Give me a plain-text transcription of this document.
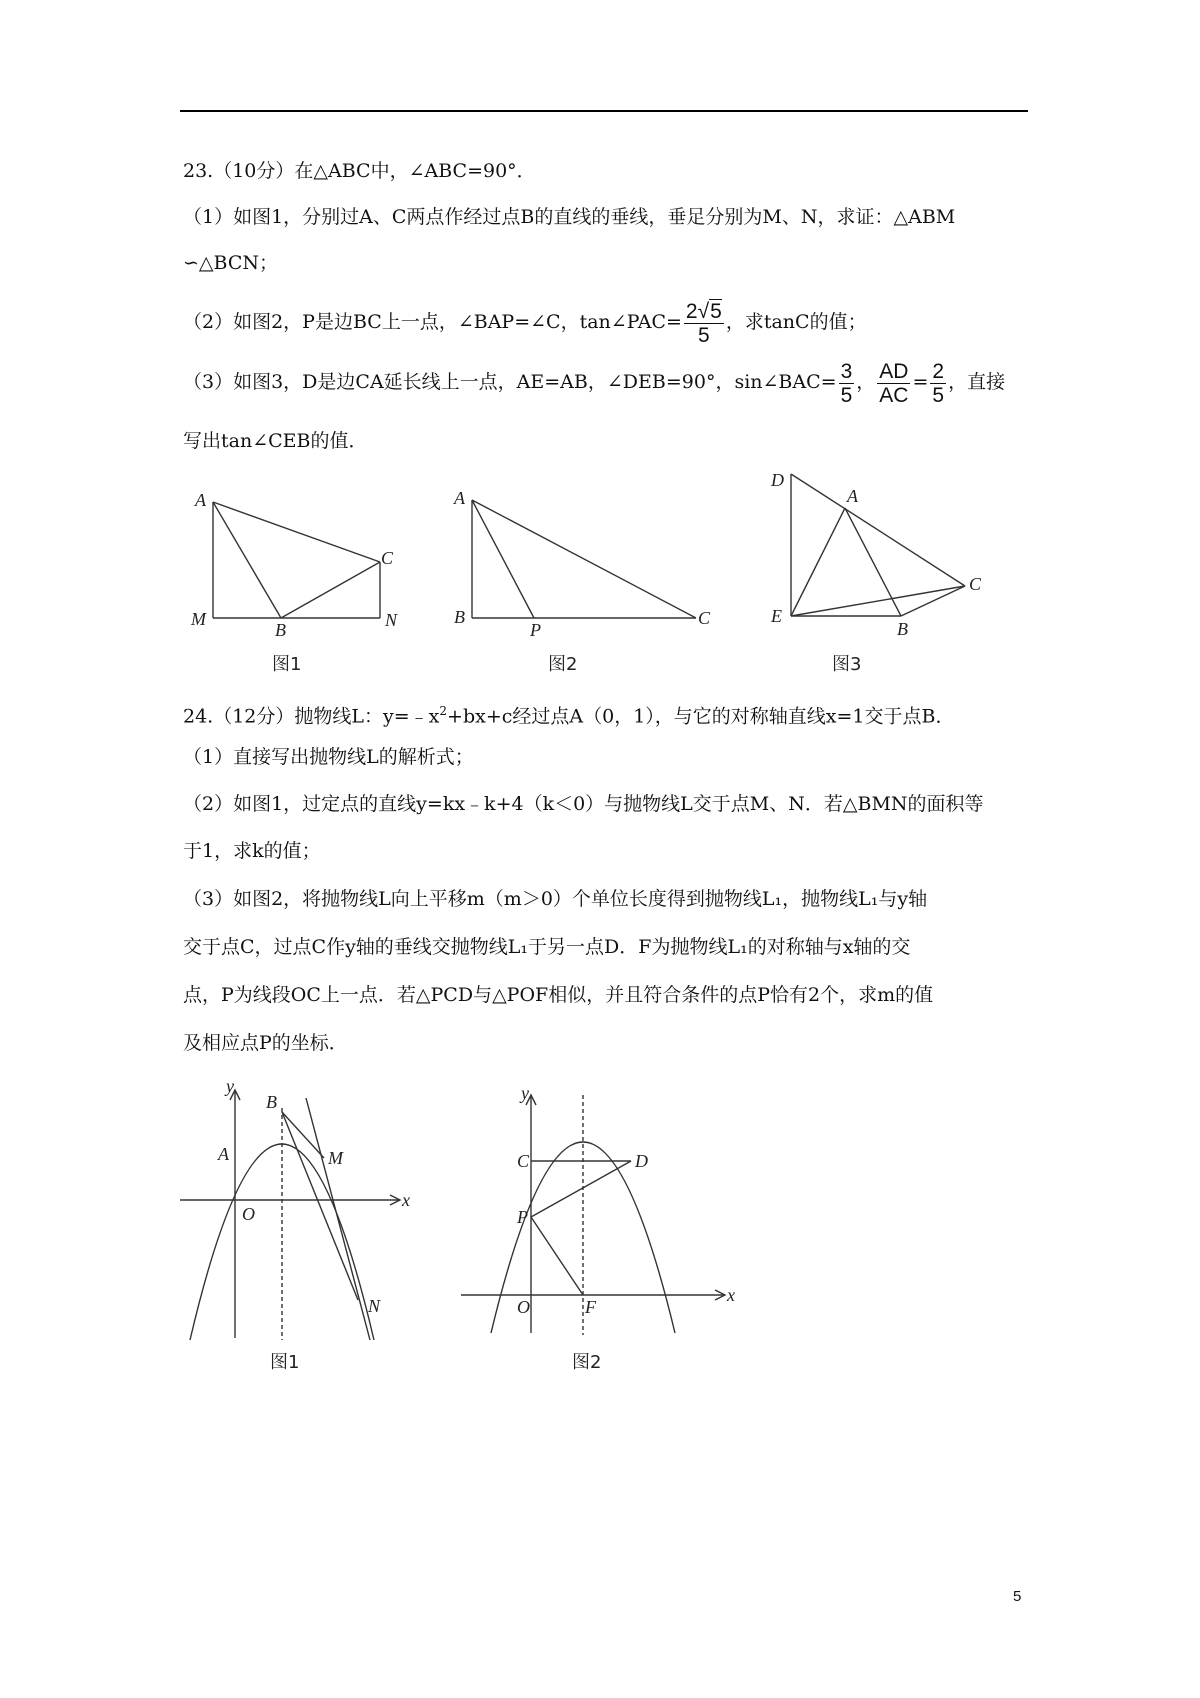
23.（10分）在△ABC中，∠ABC=90°．
（1）如图1，分别过A、C两点作经过点B的直线的垂线，垂足分别为M、N，求证：△ABM
∽△BCN；
（2）如图2，P是边BC上一点，∠BAP=∠C，tan∠PAC= $\frac{2√5}{5}$ ，求tanC的值；
（3）如图3，D是边CA延长线上一点，AE=AB，∠DEB=90°，sin∠BAC= $\frac{3}{5}$ ， $\frac{AD}{AC} = \frac{2}{5}$ ，直接
写出tan∠CEB的值．
A
M
B	N
C
图1
A
B
P
C
图2
D
A
E
B
C
图3
24.（12分）抛物线L：$y=﹣x^2+bx+c$经过点A（0，1），与它的对称轴直线x=1交于点B．
（1）直接写出抛物线L的解析式；
（2）如图1，过定点的直线y=kx﹣k+4（k＜0）与抛物线L交于点M、N．若△BMN的面积等
于1，求k的值；
（3）如图2，将抛物线L向上平移m（m＞0）个单位长度得到抛物线L₁，抛物线L₁与y轴
交于点C，过点C作y轴的垂线交抛物线L₁于另一点D．F为抛物线L₁的对称轴与x轴的交
点，P为线段OC上一点．若△PCD与△POF相似，并且符合条件的点P恰有2个，求m的值
及相应点P的坐标．
y
B
M
A
O
x
N
图1
y
C	D
P
O	F
x
图2
5
